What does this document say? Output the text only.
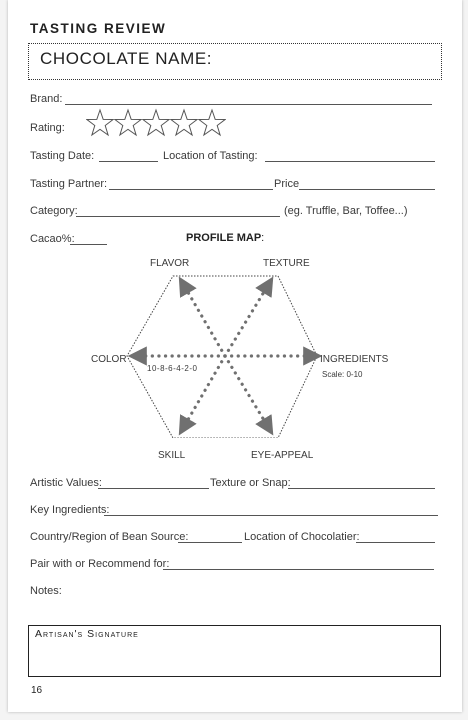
TASTING REVIEW
CHOCOLATE NAME:
Brand:
Rating:
Tasting Date:	Location of Tasting:
Tasting Partner:	Price
Category:	(eg. Truffle, Bar, Toffee...)
Cacao%:	PROFILE MAP:
FLAVOR	TEXTURE
COLOR	INGREDIENTS
Scale: 0-10
10-8-6-4-2-0
SKILL	EYE-APPEAL
Artistic Values:	Texture or Snap:
Key Ingredients:
Country/Region of Bean Source:	Location of Chocolatier:
Pair with or Recommend for:
Notes:
Artisan's Signature
16
